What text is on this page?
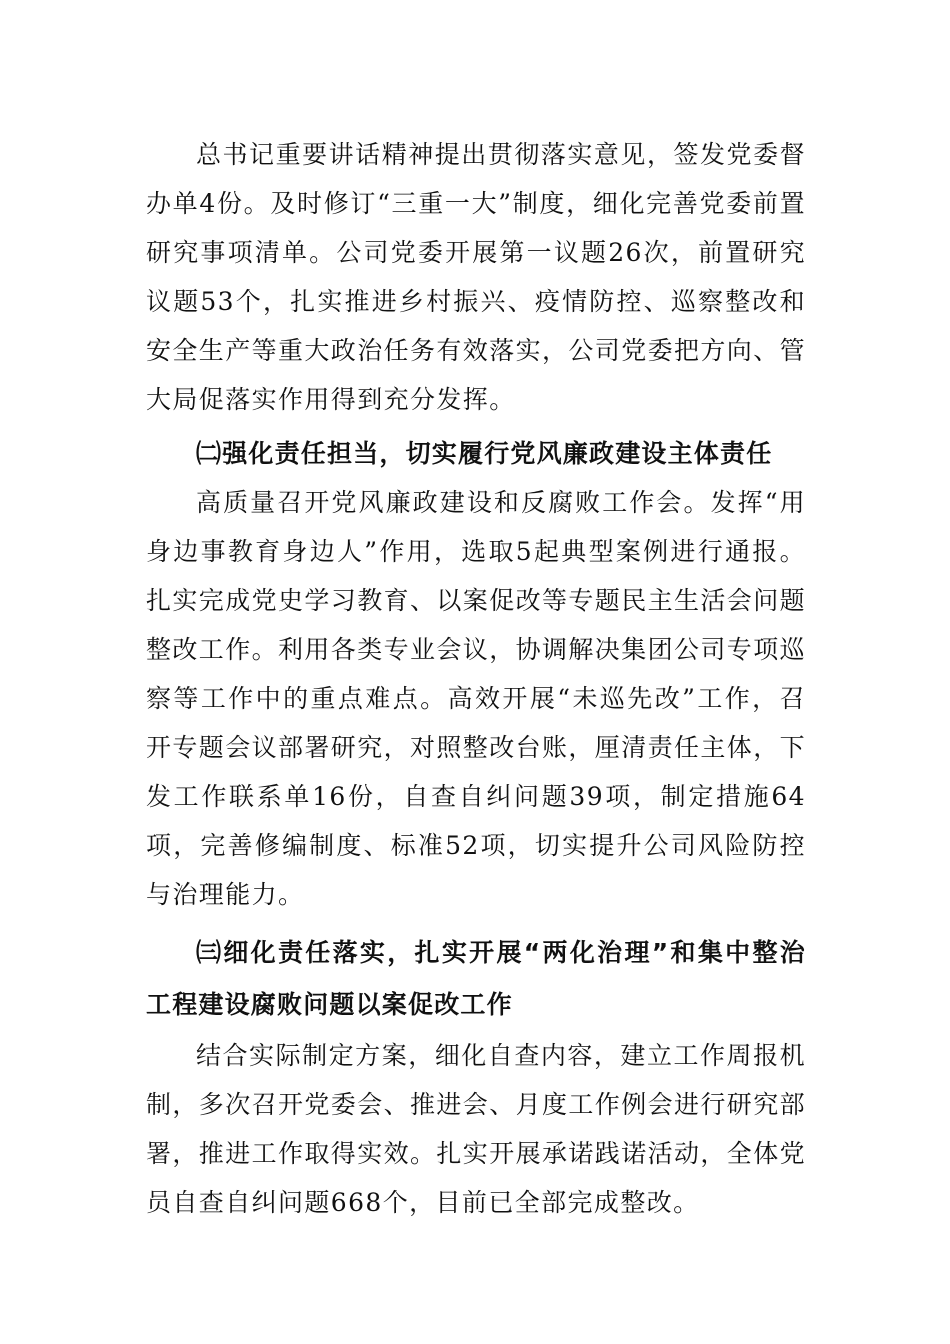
总书记重要讲话精神提出贯彻落实意见，签发党委督办单4份。及时修订“三重一大”制度，细化完善党委前置研究事项清单。公司党委开展第一议题26次，前置研究议题53个，扎实推进乡村振兴、疫情防控、巡察整改和安全生产等重大政治任务有效落实，公司党委把方向、管大局促落实作用得到充分发挥。

㈡强化责任担当，切实履行党风廉政建设主体责任

高质量召开党风廉政建设和反腐败工作会。发挥“用身边事教育身边人”作用，选取5起典型案例进行通报。扎实完成党史学习教育、以案促改等专题民主生活会问题整改工作。利用各类专业会议，协调解决集团公司专项巡察等工作中的重点难点。高效开展“未巡先改”工作，召开专题会议部署研究，对照整改台账，厘清责任主体，下发工作联系单16份，自查自纠问题39项，制定措施64项，完善修编制度、标准52项，切实提升公司风险防控与治理能力。

㈢细化责任落实，扎实开展“两化治理”和集中整治工程建设腐败问题以案促改工作

结合实际制定方案，细化自查内容，建立工作周报机制，多次召开党委会、推进会、月度工作例会进行研究部署，推进工作取得实效。扎实开展承诺践诺活动，全体党员自查自纠问题668个，目前已全部完成整改。
